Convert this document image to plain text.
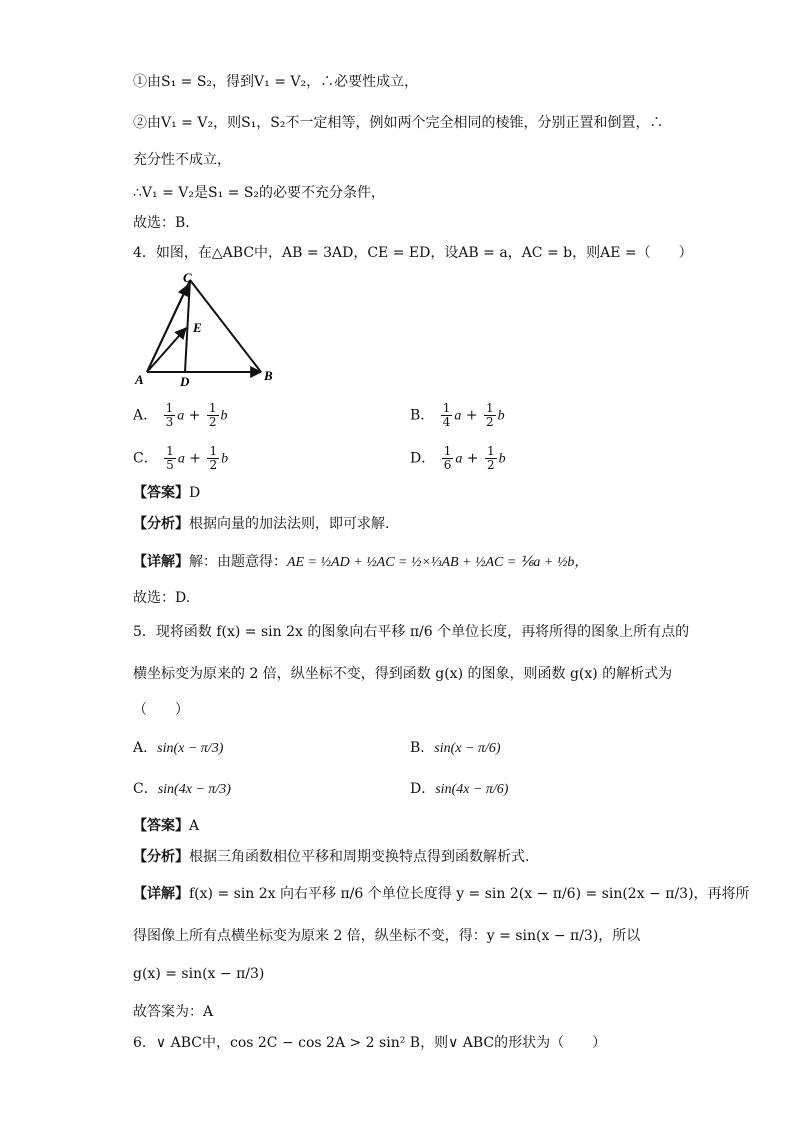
①由S₁ = S₂，得到V₁ = V₂，∴必要性成立，
②由V₁ = V₂，则S₁，S₂不一定相等，例如两个完全相同的棱锥，分别正置和倒置，∴
充分性不成立，
∴V₁ = V₂是S₁ = S₂的必要不充分条件，
故选：B．
4．如图，在△ABC中，AB = 3AD，CE = ED，设AB = a，AC = b，则AE =（　　）
C
E
A	D	B
A． $\frac{1}{3}$ $a + \frac{1}{2}$ b	B． $\frac{1}{4}$ $a + \frac{1}{2}$ b
C． $\frac{1}{5}$ $a + \frac{1}{2}$ b	D． $\frac{1}{6}$ $a + \frac{1}{2}$ b
【答案】D
【分析】根据向量的加法法则，即可求解.
【详解】解：由题意得：AE = ½AD + ½AC = ½×⅓AB + ½AC = ⅙a + ½b，
故选：D.
5．现将函数 f(x) = sin 2x 的图象向右平移 π/6 个单位长度，再将所得的图象上所有点的
横坐标变为原来的 2 倍，纵坐标不变，得到函数 g(x) 的图象，则函数 g(x) 的解析式为
（　　）
A．sin(x − π/3)	B．sin(x − π/6)
C．sin(4x − π/3)	D．sin(4x − π/6)
【答案】A
【分析】根据三角函数相位平移和周期变换特点得到函数解析式.
【详解】f(x) = sin 2x 向右平移 π/6 个单位长度得 y = sin 2(x − π/6) = sin(2x − π/3)，再将所
得图像上所有点横坐标变为原来 2 倍，纵坐标不变，得：y = sin(x − π/3)，所以
g(x) = sin(x − π/3)
故答案为：A
6．∨ ABC中，cos 2C − cos 2A > 2 sin² B，则∨ ABC的形状为（　　）
